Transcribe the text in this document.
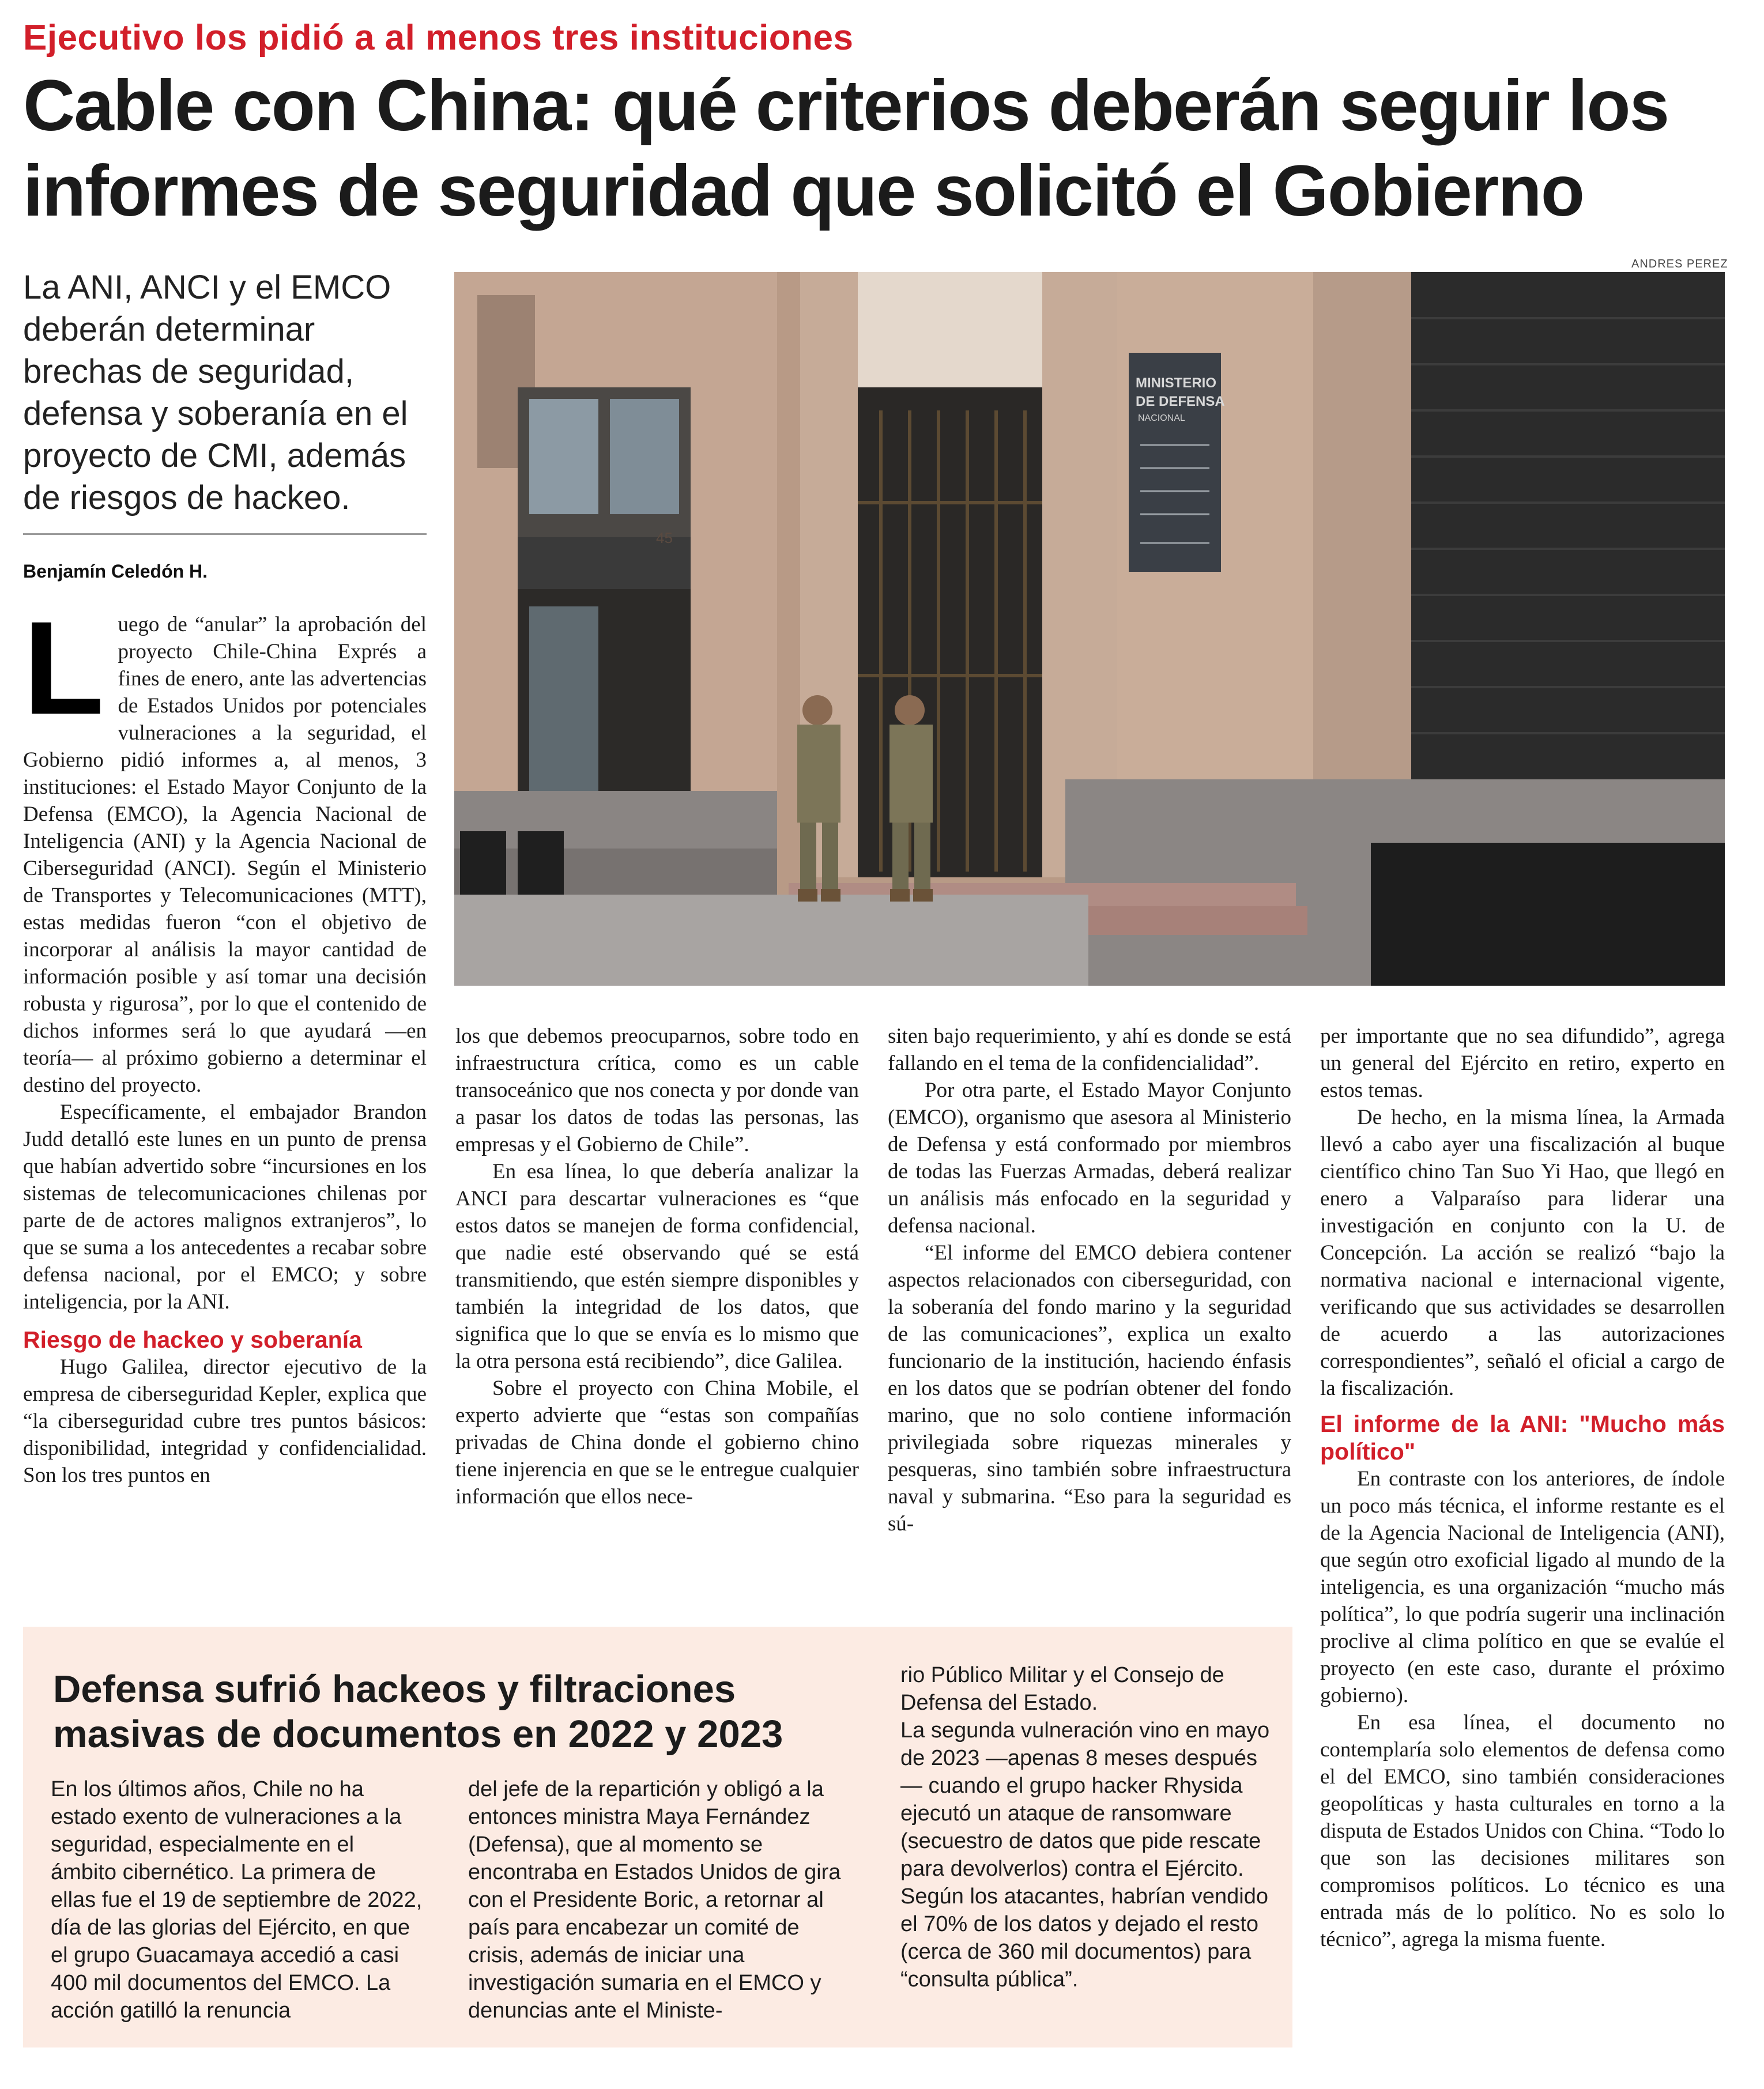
Ejecutivo los pidió a al menos tres instituciones
Cable con China: qué criterios deberán seguir los informes de seguridad que solicitó el Gobierno
La ANI, ANCI y el EMCO deberán determinar brechas de seguridad, defensa y soberanía en el proyecto de CMI, además de riesgos de hackeo.
Benjamín Celedón H.
ANDRES PEREZ
45
MINISTERIO
DE DEFENSA
NACIONAL

Luego de “anular” la aprobación del proyecto Chile-China Exprés a fines de enero, ante las advertencias de Estados Unidos por potenciales vulneraciones a la seguridad, el Gobierno pidió informes a, al menos, 3 instituciones: el Estado Mayor Conjunto de la Defensa (EMCO), la Agencia Nacional de Inteligencia (ANI) y la Agencia Nacional de Ciberseguridad (ANCI). Según el Ministerio de Transportes y Telecomunicaciones (MTT), estas medidas fueron “con el objetivo de incorporar al análisis la mayor cantidad de información posible y así tomar una decisión robusta y rigurosa”, por lo que el contenido de dichos informes será lo que ayudará —en teoría— al próximo gobierno a determinar el destino del proyecto.

Específicamente, el embajador Brandon Judd detalló este lunes en un punto de prensa que habían advertido sobre “incursiones en los sistemas de telecomunicaciones chilenas por parte de de actores malignos extranjeros”, lo que se suma a los antecedentes a recabar sobre defensa nacional, por el EMCO; y sobre inteligencia, por la ANI.

Riesgo de hackeo y soberanía

Hugo Galilea, director ejecutivo de la empresa de ciberseguridad Kepler, explica que “la ciberseguridad cubre tres puntos básicos: disponibilidad, integridad y confidencialidad. Son los tres puntos en

los que debemos preocuparnos, sobre todo en infraestructura crítica, como es un cable transoceánico que nos conecta y por donde van a pasar los datos de todas las personas, las empresas y el Gobierno de Chile”.

En esa línea, lo que debería analizar la ANCI para descartar vulneraciones es “que estos datos se manejen de forma confidencial, que nadie esté observando qué se está transmitiendo, que estén siempre disponibles y también la integridad de los datos, que significa que lo que se envía es lo mismo que la otra persona está recibiendo”, dice Galilea.

Sobre el proyecto con China Mobile, el experto advierte que “estas son compañías privadas de China donde el gobierno chino tiene injerencia en que se le entregue cualquier información que ellos nece-

siten bajo requerimiento, y ahí es donde se está fallando en el tema de la confidencialidad”.

Por otra parte, el Estado Mayor Conjunto (EMCO), organismo que asesora al Ministerio de Defensa y está conformado por miembros de todas las Fuerzas Armadas, deberá realizar un análisis más enfocado en la seguridad y defensa nacional.

“El informe del EMCO debiera contener aspectos relacionados con ciberseguridad, con la soberanía del fondo marino y la seguridad de las comunicaciones”, explica un exalto funcionario de la institución, haciendo énfasis en los datos que se podrían obtener del fondo marino, que no solo contiene información privilegiada sobre riquezas minerales y pesqueras, sino también sobre infraestructura naval y submarina. “Eso para la seguridad es sú-

per importante que no sea difundido”, agrega un general del Ejército en retiro, experto en estos temas.

De hecho, en la misma línea, la Armada llevó a cabo ayer una fiscalización al buque científico chino Tan Suo Yi Hao, que llegó en enero a Valparaíso para liderar una investigación en conjunto con la U. de Concepción. La acción se realizó “bajo la normativa nacional e internacional vigente, verificando que sus actividades se desarrollen de acuerdo a las autorizaciones correspondientes”, señaló el oficial a cargo de la fiscalización.

El informe de la ANI: "Mucho más político"

En contraste con los anteriores, de índole un poco más técnica, el informe restante es el de la Agencia Nacional de Inteligencia (ANI), que según otro exoficial ligado al mundo de la inteligencia, es una organización “mucho más política”, lo que podría sugerir una inclinación proclive al clima político en que se evalúe el proyecto (en este caso, durante el próximo gobierno).

En esa línea, el documento no contemplaría solo elementos de defensa como el del EMCO, sino también consideraciones geopolíticas y hasta culturales en torno a la disputa de Estados Unidos con China. “Todo lo que son las decisiones militares son compromisos políticos. Lo técnico es una entrada más de lo político. No es solo lo técnico”, agrega la misma fuente.

Defensa sufrió hackeos y filtraciones masivas de documentos en 2022 y 2023
En los últimos años, Chile no ha estado exento de vulneraciones a la seguridad, especialmente en el ámbito cibernético. La primera de ellas fue el 19 de septiembre de 2022, día de las glorias del Ejército, en que el grupo Guacamaya accedió a casi 400 mil documentos del EMCO. La acción gatilló la renuncia
del jefe de la repartición y obligó a la entonces ministra Maya Fernández (Defensa), que al momento se encontraba en Estados Unidos de gira con el Presidente Boric, a retornar al país para encabezar un comité de crisis, además de iniciar una investigación sumaria en el EMCO y denuncias ante el Ministe-
rio Público Militar y el Consejo de Defensa del Estado.
La segunda vulneración vino en mayo de 2023 —apenas 8 meses después— cuando el grupo hacker Rhysida ejecutó un ataque de ransomware (secuestro de datos que pide rescate para devolverlos) contra el Ejército. Según los atacantes, habrían vendido el 70% de los datos y dejado el resto (cerca de 360 mil documentos) para “consulta pública”.
